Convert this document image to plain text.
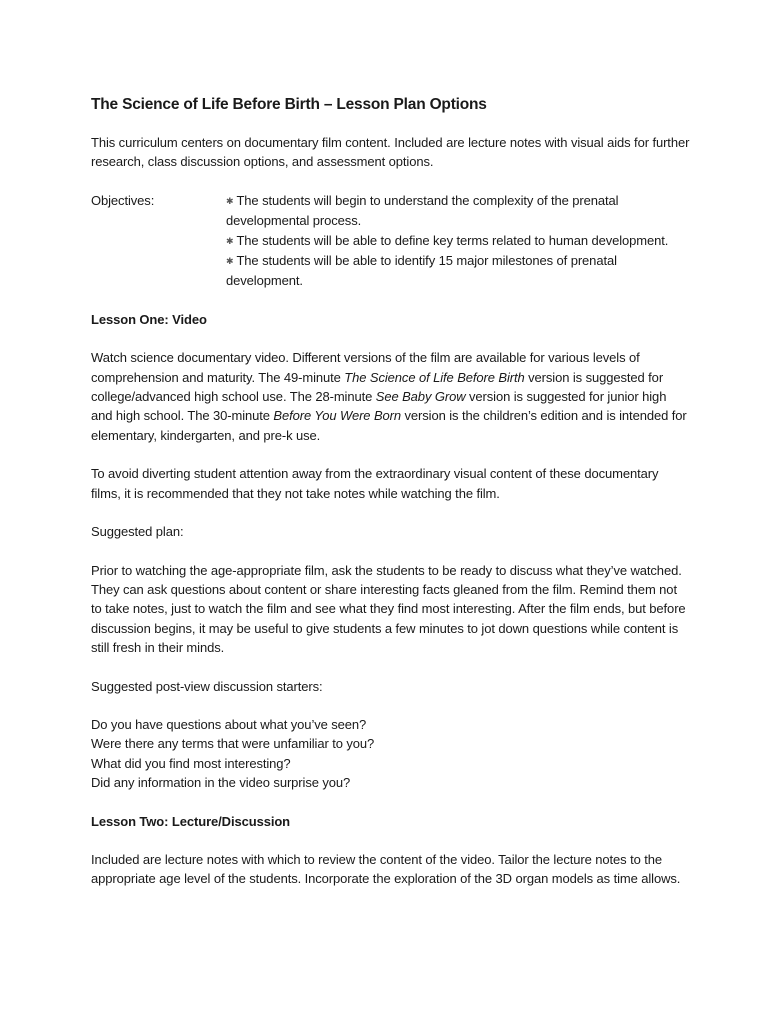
The Science of Life Before Birth – Lesson Plan Options

This curriculum centers on documentary film content. Included are lecture notes with visual aids for further research, class discussion options, and assessment options.

Objectives:	✱ The students will begin to understand the complexity of the prenatal developmental process.
✱ The students will be able to define key terms related to human development.
✱ The students will be able to identify 15 major milestones of prenatal development.
Lesson One: Video

Watch science documentary video. Different versions of the film are available for various levels of comprehension and maturity. The 49-minute The Science of Life Before Birth version is suggested for college/advanced high school use. The 28-minute See Baby Grow version is suggested for junior high and high school. The 30-minute Before You Were Born version is the children’s edition and is intended for elementary, kindergarten, and pre-k use.

To avoid diverting student attention away from the extraordinary visual content of these documentary films, it is recommended that they not take notes while watching the film.

Suggested plan:

Prior to watching the age-appropriate film, ask the students to be ready to discuss what they’ve watched. They can ask questions about content or share interesting facts gleaned from the film. Remind them not to take notes, just to watch the film and see what they find most interesting. After the film ends, but before discussion begins, it may be useful to give students a few minutes to jot down questions while content is still fresh in their minds.

Suggested post-view discussion starters:

Do you have questions about what you’ve seen?
Were there any terms that were unfamiliar to you?
What did you find most interesting?
Did any information in the video surprise you?

Lesson Two: Lecture/Discussion

Included are lecture notes with which to review the content of the video. Tailor the lecture notes to the appropriate age level of the students. Incorporate the exploration of the 3D organ models as time allows.
